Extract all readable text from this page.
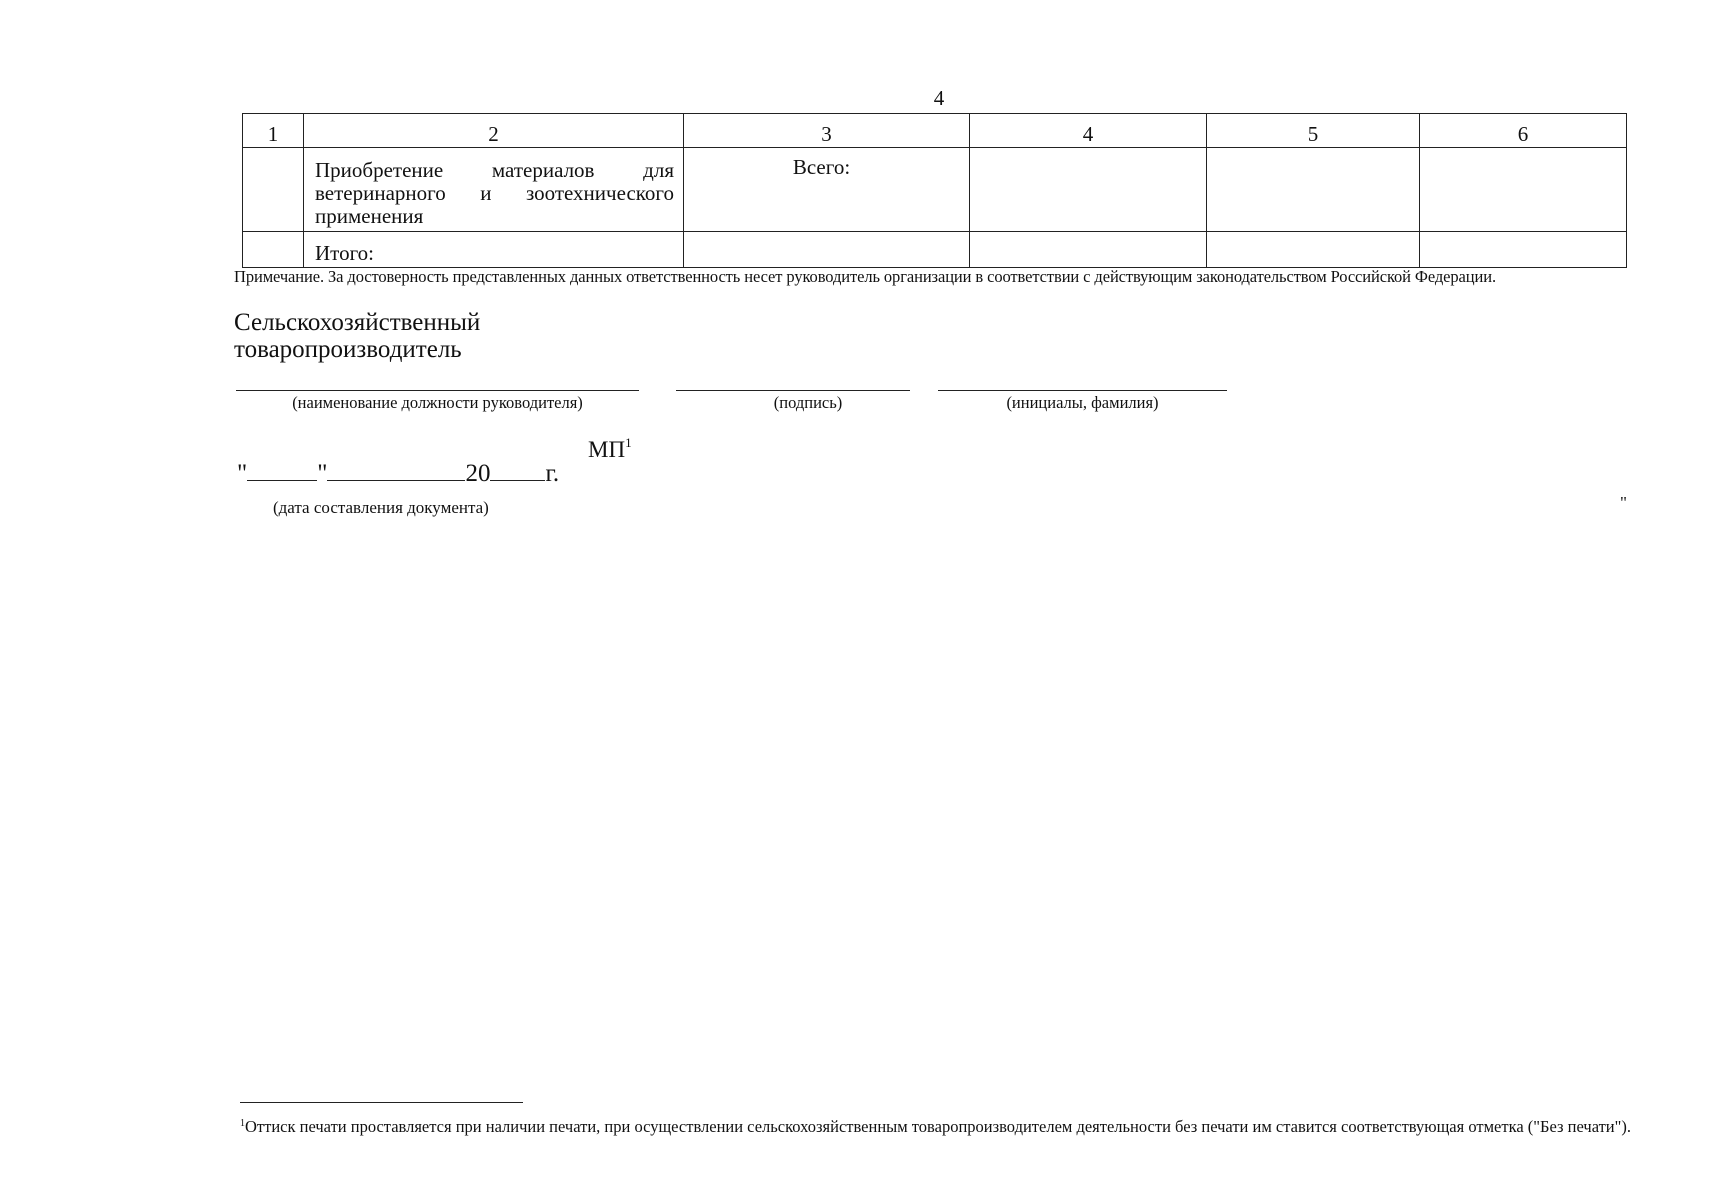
4
1	2	3	4	5	6

	Приобретение материалов для ветеринарного и зоотехнического применения	Всего:			

	Итого:				

Примечание. За достоверность представленных данных ответственность несет руководитель организации в соответствии с действующим законодательством Российской Федерации.
Сельскохозяйственный
товаропроизводитель
(наименование должности руководителя)	(подпись)	(инициалы, фамилия)
$МП^1$
"	"	20 г.
(дата составления документа)	"
$^1$Оттиск печати проставляется при наличии печати, при осуществлении сельскохозяйственным товаропроизводителем деятельности без печати им ставится соответствующая отметка ("Без печати").
